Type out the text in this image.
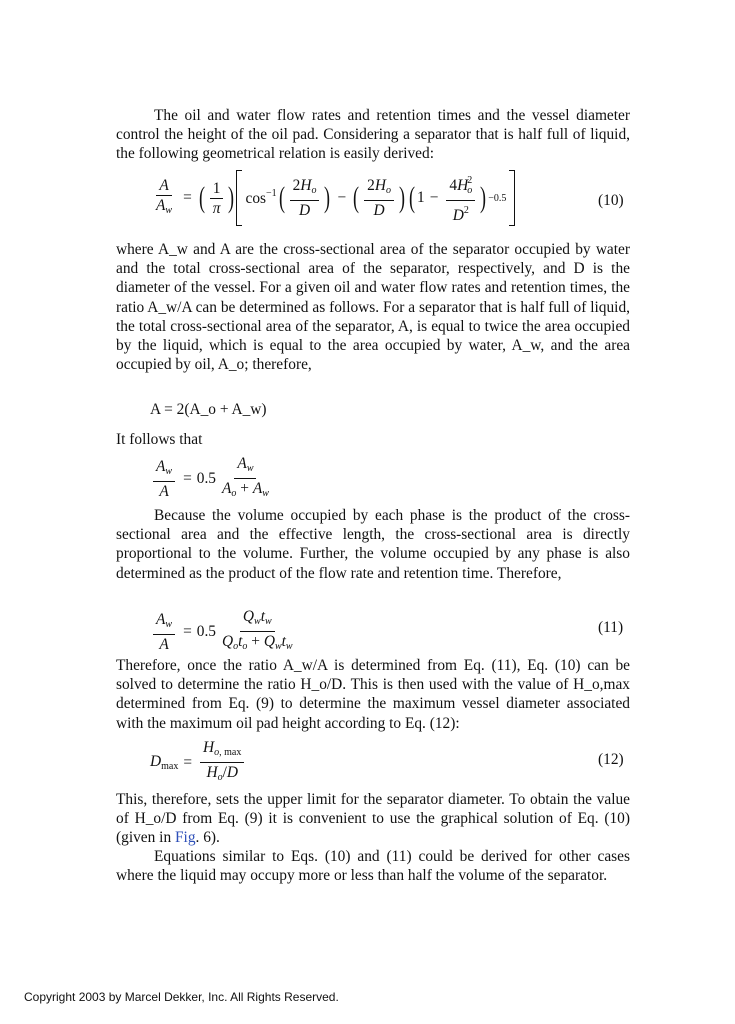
The oil and water flow rates and retention times and the vessel diameter control the height of the oil pad. Considering a separator that is half full of liquid, the following geometrical relation is easily derived:
$\frac{A}{A_w}$ = ( $\frac{1}{\pi}$ ) $\cos^{-1}$ ( $\frac{2H_o}{D}$ ) − ( $\frac{2H_o}{D}$ ) ( $1 - \frac{4H^2_o}{D^2}$ ) −0.5	(10)
where A_w and A are the cross-sectional area of the separator occupied by water and the total cross-sectional area of the separator, respectively, and D is the diameter of the vessel. For a given oil and water flow rates and retention times, the ratio A_w/A can be determined as follows. For a separator that is half full of liquid, the total cross-sectional area of the separator, A, is equal to twice the area occupied by the liquid, which is equal to the area occupied by water, A_w, and the area occupied by oil, A_o; therefore,
A = 2(A_o + A_w)
It follows that
$\frac{A_w}{A} = 0.5 \frac{A_w}{A_o + A_w}$
Because the volume occupied by each phase is the product of the cross-sectional area and the effective length, the cross-sectional area is directly proportional to the volume. Further, the volume occupied by any phase is also determined as the product of the flow rate and retention time. Therefore,
$\frac{A_w}{A} = 0.5 \frac{Q_wt_w}{Q_ot_o + Q_wt_w}$	(11)
Therefore, once the ratio A_w/A is determined from Eq. (11), Eq. (10) can be solved to determine the ratio H_o/D. This is then used with the value of H_o,max determined from Eq. (9) to determine the maximum vessel diameter associated with the maximum oil pad height according to Eq. (12):
$D_{max} = \frac{H_{o, max}}{H_o/D}$	(12)
This, therefore, sets the upper limit for the separator diameter. To obtain the value of H_o/D from Eq. (9) it is convenient to use the graphical solution of Eq. (10) (given in Fig. 6).
Equations similar to Eqs. (10) and (11) could be derived for other cases where the liquid may occupy more or less than half the volume of the separator.
Copyright 2003 by Marcel Dekker, Inc. All Rights Reserved.
